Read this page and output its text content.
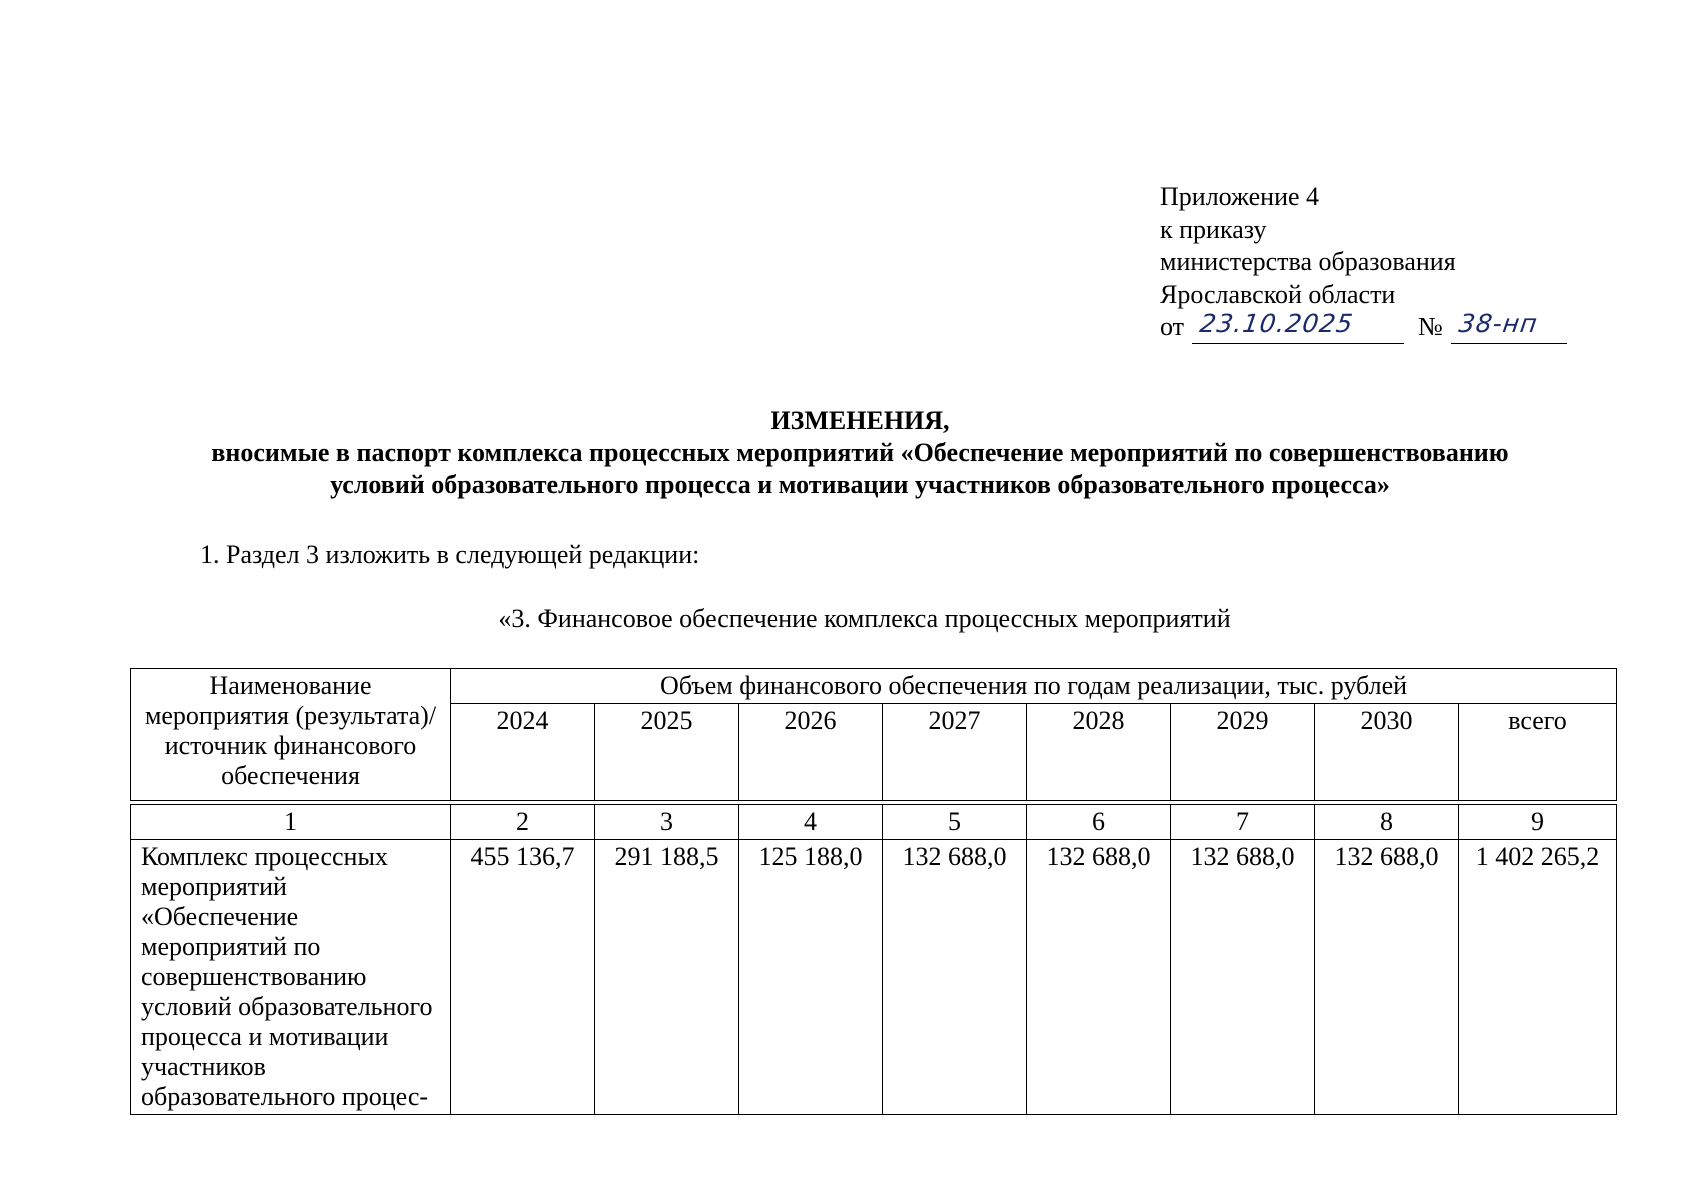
Приложение 4
к приказу
министерства образования
Ярославской области
от 23.10.2025 № 38-нп
ИЗМЕНЕНИЯ,
вносимые в паспорт комплекса процессных мероприятий «Обеспечение мероприятий по совершенствованию
условий образовательного процесса и мотивации участников образовательного процесса»
1. Раздел 3 изложить в следующей редакции:
«3. Финансовое обеспечение комплекса процессных мероприятий
Наименование мероприятия (результата)/ источник финансового обеспечения	Объем финансового обеспечения по годам реализации, тыс. рублей							
	2024	2025	2026	2027	2028	2029	2030	всего

1	2	3	4	5	6	7	8	9
Комплекс процессных мероприятий «Обеспечение мероприятий по совершенствованию условий образовательного процесса и мотивации участников образовательного процес-	455 136,7	291 188,5	125 188,0	132 688,0	132 688,0	132 688,0	132 688,0	1 402 265,2
